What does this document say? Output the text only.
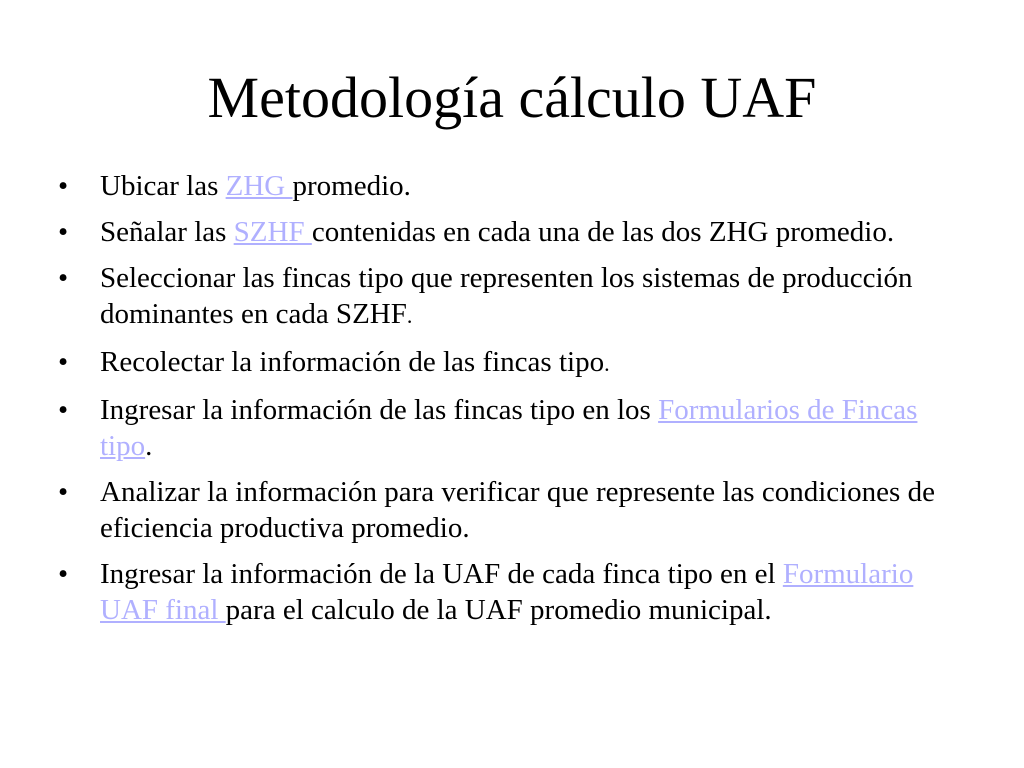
Metodología cálculo UAF
•	Ubicar las ZHG promedio.
•	Señalar las SZHF contenidas en cada una de las dos ZHG promedio.
•	Seleccionar las fincas tipo que representen los sistemas de producción dominantes en cada SZHF.
•	Recolectar la información de las fincas tipo.
•	Ingresar la información de las fincas tipo en los Formularios de Fincas tipo.
•	Analizar la información para verificar que represente las condiciones de eficiencia productiva promedio.
•	Ingresar la información de la UAF de cada finca tipo en el Formulario UAF final para el calculo de la UAF promedio municipal.
